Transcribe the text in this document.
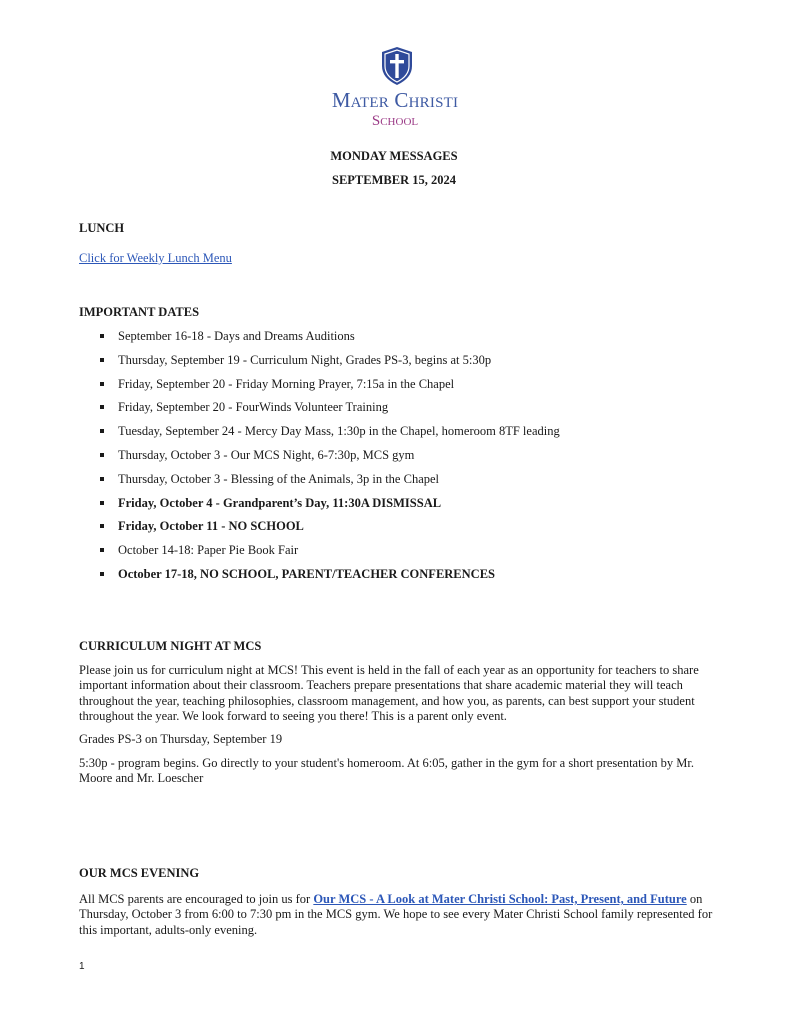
Mater Christi
School
MONDAY MESSAGES
SEPTEMBER 15, 2024
LUNCH
Click for Weekly Lunch Menu
IMPORTANT DATES
September 16-18 - Days and Dreams Auditions
Thursday, September 19 - Curriculum Night, Grades PS-3, begins at 5:30p
Friday, September 20 - Friday Morning Prayer, 7:15a in the Chapel
Friday, September 20 - FourWinds Volunteer Training
Tuesday, September 24 - Mercy Day Mass, 1:30p in the Chapel, homeroom 8TF leading
Thursday, October 3 - Our MCS Night, 6-7:30p, MCS gym
Thursday, October 3 - Blessing of the Animals, 3p in the Chapel
Friday, October 4 - Grandparent’s Day, 11:30A DISMISSAL
Friday, October 11 - NO SCHOOL
October 14-18: Paper Pie Book Fair
October 17-18, NO SCHOOL, PARENT/TEACHER CONFERENCES
CURRICULUM NIGHT AT MCS
Please join us for curriculum night at MCS! This event is held in the fall of each year as an opportunity for teachers to share important information about their classroom. Teachers prepare presentations that share academic material they will teach throughout the year, teaching philosophies, classroom management, and how you, as parents, can best support your student throughout the year. We look forward to seeing you there! This is a parent only event.
Grades PS-3 on Thursday, September 19
5:30p - program begins. Go directly to your student's homeroom. At 6:05, gather in the gym for a short presentation by Mr. Moore and Mr. Loescher
OUR MCS EVENING
All MCS parents are encouraged to join us for Our MCS - A Look at Mater Christi School: Past, Present, and Future on Thursday, October 3 from 6:00 to 7:30 pm in the MCS gym. We hope to see every Mater Christi School family represented for this important, adults-only evening.
1
